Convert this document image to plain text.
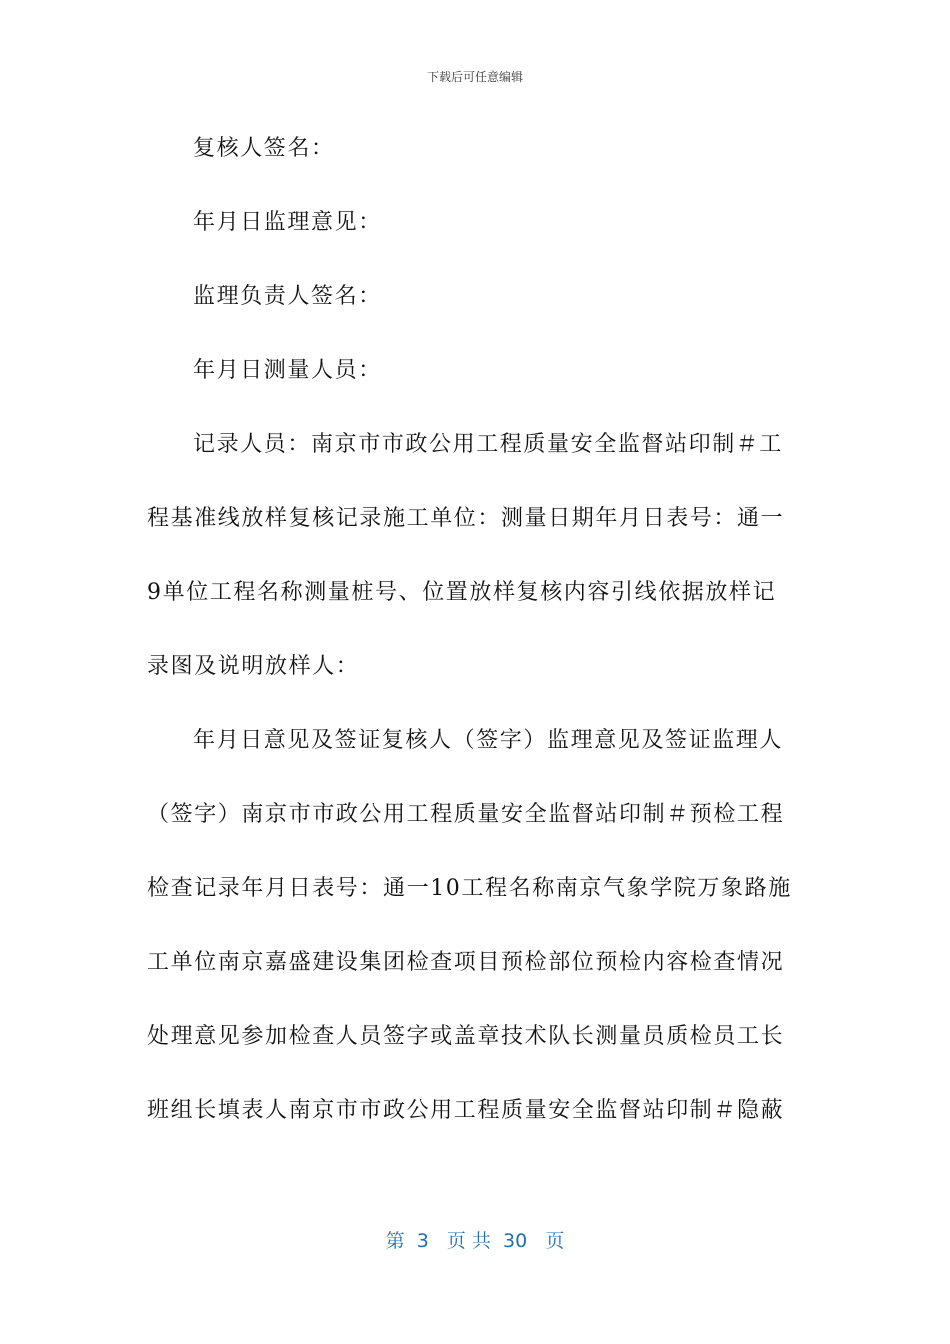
下载后可任意编辑
复核人签名：
年月日监理意见：
监理负责人签名：
年月日测量人员：
记录人员：南京市市政公用工程质量安全监督站印制＃工
程基准线放样复核记录施工单位：测量日期年月日表号：通一
9单位工程名称测量桩号、位置放样复核内容引线依据放样记
录图及说明放样人：
年月日意见及签证复核人（签字）监理意见及签证监理人
（签字）南京市市政公用工程质量安全监督站印制＃预检工程
检查记录年月日表号：通一10工程名称南京气象学院万象路施
工单位南京嘉盛建设集团检查项目预检部位预检内容检查情况
处理意见参加检查人员签字或盖章技术队长测量员质检员工长
班组长填表人南京市市政公用工程质量安全监督站印制＃隐蔽
第  3   页 共  30   页
